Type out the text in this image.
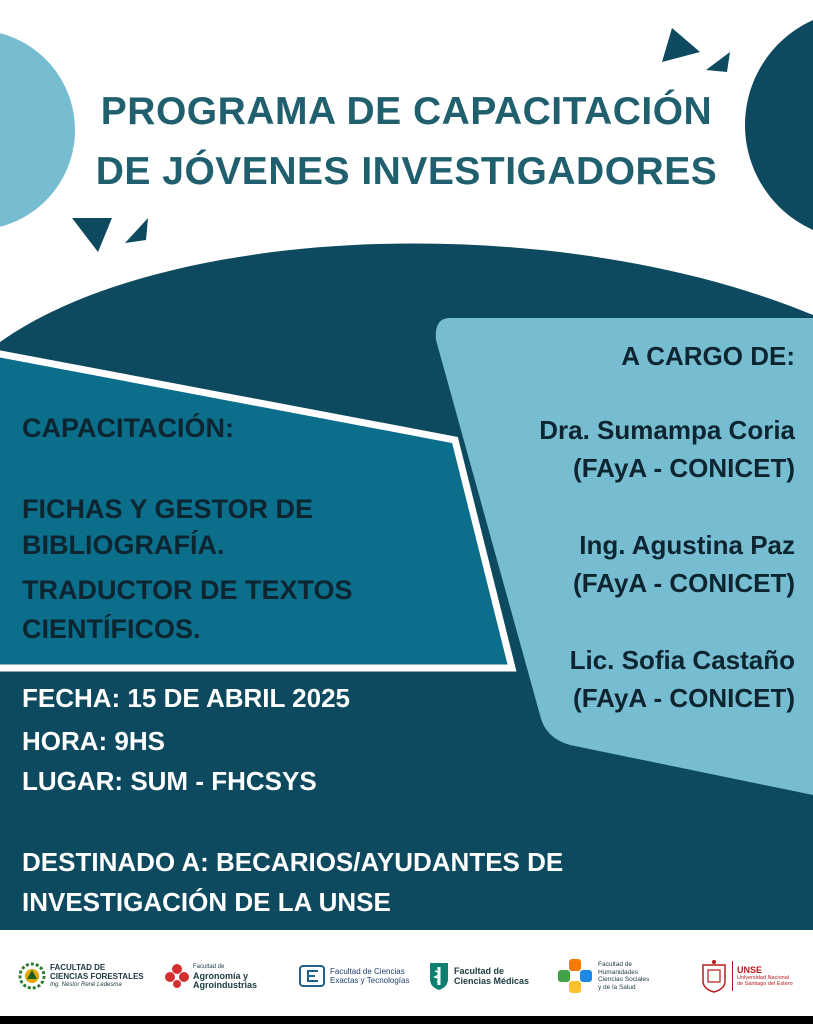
PROGRAMA DE CAPACITACIÓN
DE JÓVENES INVESTIGADORES
CAPACITACIÓN:
FICHAS Y GESTOR DE
BIBLIOGRAFÍA.
TRADUCTOR DE TEXTOS
CIENTÍFICOS.
A CARGO DE:
Dra. Sumampa Coria
(FAyA - CONICET)
Ing. Agustina Paz
(FAyA - CONICET)
Lic. Sofia Castaño
(FAyA - CONICET)
FECHA: 15 DE ABRIL 2025
HORA: 9HS
LUGAR: SUM - FHCSYS
DESTINADO A: BECARIOS/AYUDANTES DE
INVESTIGACIÓN DE LA UNSE
FACULTAD DE
CIENCIAS FORESTALES
Ing. Néstor René Ledesma
Facultad de
Agronomía y
Agroindustrias
Facultad de Ciencias
Exactas y Tecnologías
Facultad de
Ciencias Médicas
Facultad de
Humanidades
Ciencias Sociales
y de la Salud
UNSE
Universidad Nacional
de Santiago del Estero
